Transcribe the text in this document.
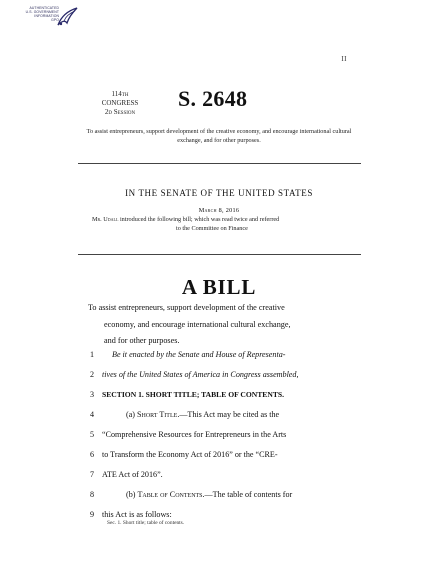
AUTHENTICATED
U.S. GOVERNMENT
INFORMATION
GPO
II
114th CONGRESS
2d Session
S. 2648
To assist entrepreneurs, support development of the creative economy, and encourage international cultural exchange, and for other purposes.
IN THE SENATE OF THE UNITED STATES
March 8, 2016
Mr. Udall introduced the following bill; which was read twice and referred
to the Committee on Finance
A BILL
To assist entrepreneurs, support development of the creative
economy, and encourage international cultural exchange,
and for other purposes.
1 Be it enacted by the Senate and House of Representa-
2 tives of the United States of America in Congress assembled,
3 SECTION 1. SHORT TITLE; TABLE OF CONTENTS.
4	(a) Short Title.—This Act may be cited as the
5 “Comprehensive Resources for Entrepreneurs in the Arts
6 to Transform the Economy Act of 2016” or the “CRE-
7 ATE Act of 2016”.
8	(b) Table of Contents.—The table of contents for
9 this Act is as follows:
Sec. 1. Short title; table of contents.
